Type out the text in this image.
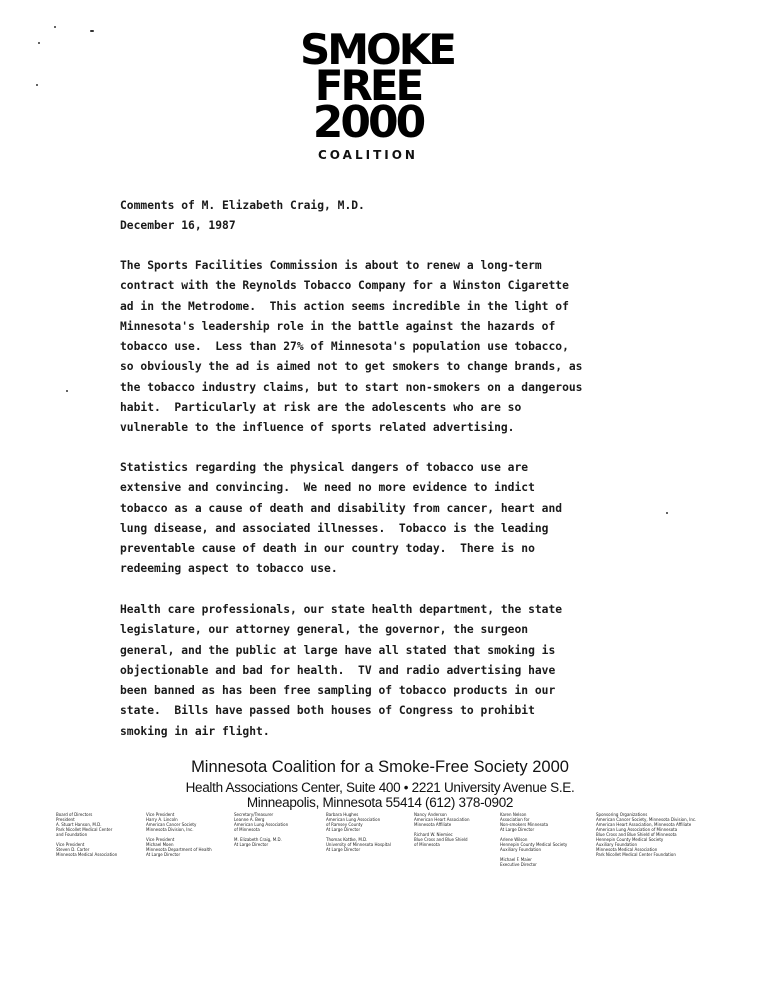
SMOKE
FREE
2000
COALITION
Comments of M. Elizabeth Craig, M.D.
December 16, 1987
The Sports Facilities Commission is about to renew a long-term
contract with the Reynolds Tobacco Company for a Winston Cigarette
ad in the Metrodome.  This action seems incredible in the light of
Minnesota's leadership role in the battle against the hazards of
tobacco use.  Less than 27% of Minnesota's population use tobacco,
so obviously the ad is aimed not to get smokers to change brands, as
the tobacco industry claims, but to start non-smokers on a dangerous
habit.  Particularly at risk are the adolescents who are so
vulnerable to the influence of sports related advertising.
Statistics regarding the physical dangers of tobacco use are
extensive and convincing.  We need no more evidence to indict
tobacco as a cause of death and disability from cancer, heart and
lung disease, and associated illnesses.  Tobacco is the leading
preventable cause of death in our country today.  There is no
redeeming aspect to tobacco use.
Health care professionals, our state health department, the state
legislature, our attorney general, the governor, the surgeon
general, and the public at large have all stated that smoking is
objectionable and bad for health.  TV and radio advertising have
been banned as has been free sampling of tobacco products in our
state.  Bills have passed both houses of Congress to prohibit
smoking in air flight.
Minnesota Coalition for a Smoke-Free Society 2000
Health Associations Center, Suite 400 • 2221 University Avenue S.E.
Minneapolis, Minnesota 55414 (612) 378-0902

Board of Directors
President
A. Stuart Hanson, M.D.
Park Nicollet Medical Center
and Foundation

Vice President
Steven D. Carter
Minnesota Medical Association

Vice President
Harry A. Lincoln
American Cancer Society
Minnesota Division, Inc.

Vice President
Michael Moen
Minnesota Department of Health
At Large Director

Secretary/Treasurer
Leanne A. Berg
American Lung Association
of Minnesota

M. Elizabeth Craig, M.D.
At Large Director

Barbara Hughes
American Lung Association
of Ramsey County
At Large Director

Thomas Kottke, M.D.
University of Minnesota Hospital
At Large Director

Nancy Anderson
American Heart Association
Minnesota Affiliate

Richard W. Niemiec
Blue Cross and Blue Shield
of Minnesota

Karen Nelson
Association for
Non-smokers Minnesota
At Large Director

Arlene Wilson
Hennepin County Medical Society
Auxiliary Foundation

Michael F. Maier
Executive Director

Sponsoring Organizations
American Cancer Society, Minnesota Division, Inc.
American Heart Association, Minnesota Affiliate
American Lung Association of Minnesota
Blue Cross and Blue Shield of Minnesota
Hennepin County Medical Society
Auxiliary Foundation
Minnesota Medical Association
Park Nicollet Medical Center Foundation
